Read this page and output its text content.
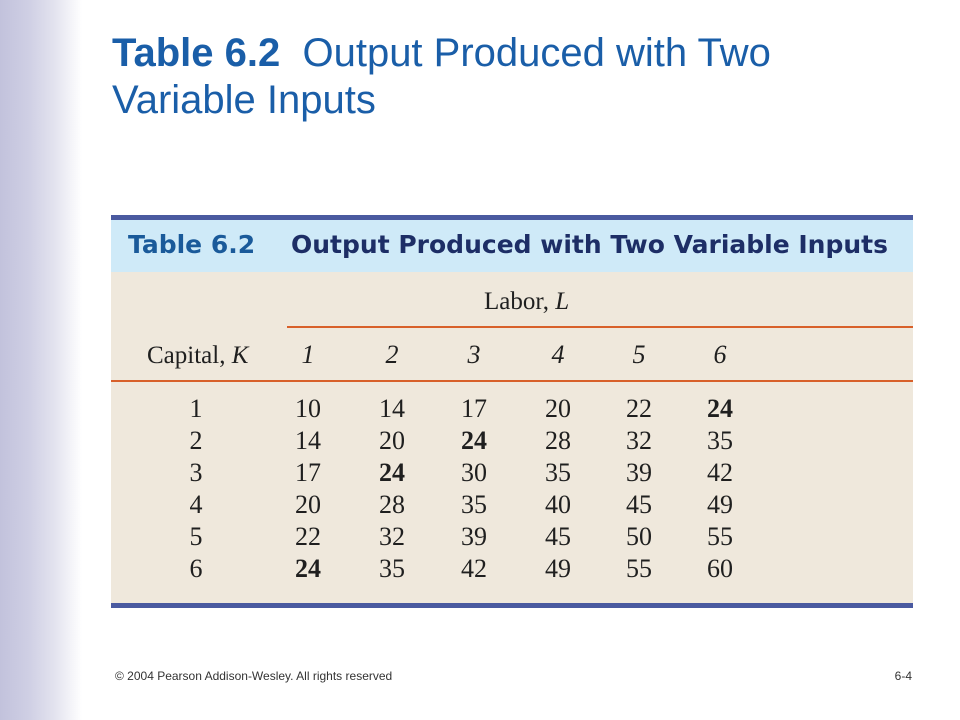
Table 6.2 Output Produced with Two Variable Inputs
Table 6.2 Output Produced with Two Variable Inputs
Labor, L
Capital, K	1	2	3	4	5	6
1	10	14	17	20	22	24
2	14	20	24	28	32	35
3	17	24	30	35	39	42
4	20	28	35	40	45	49
5	22	32	39	45	50	55
6	24	35	42	49	55	60
© 2004 Pearson Addison-Wesley. All rights reserved	6-4
